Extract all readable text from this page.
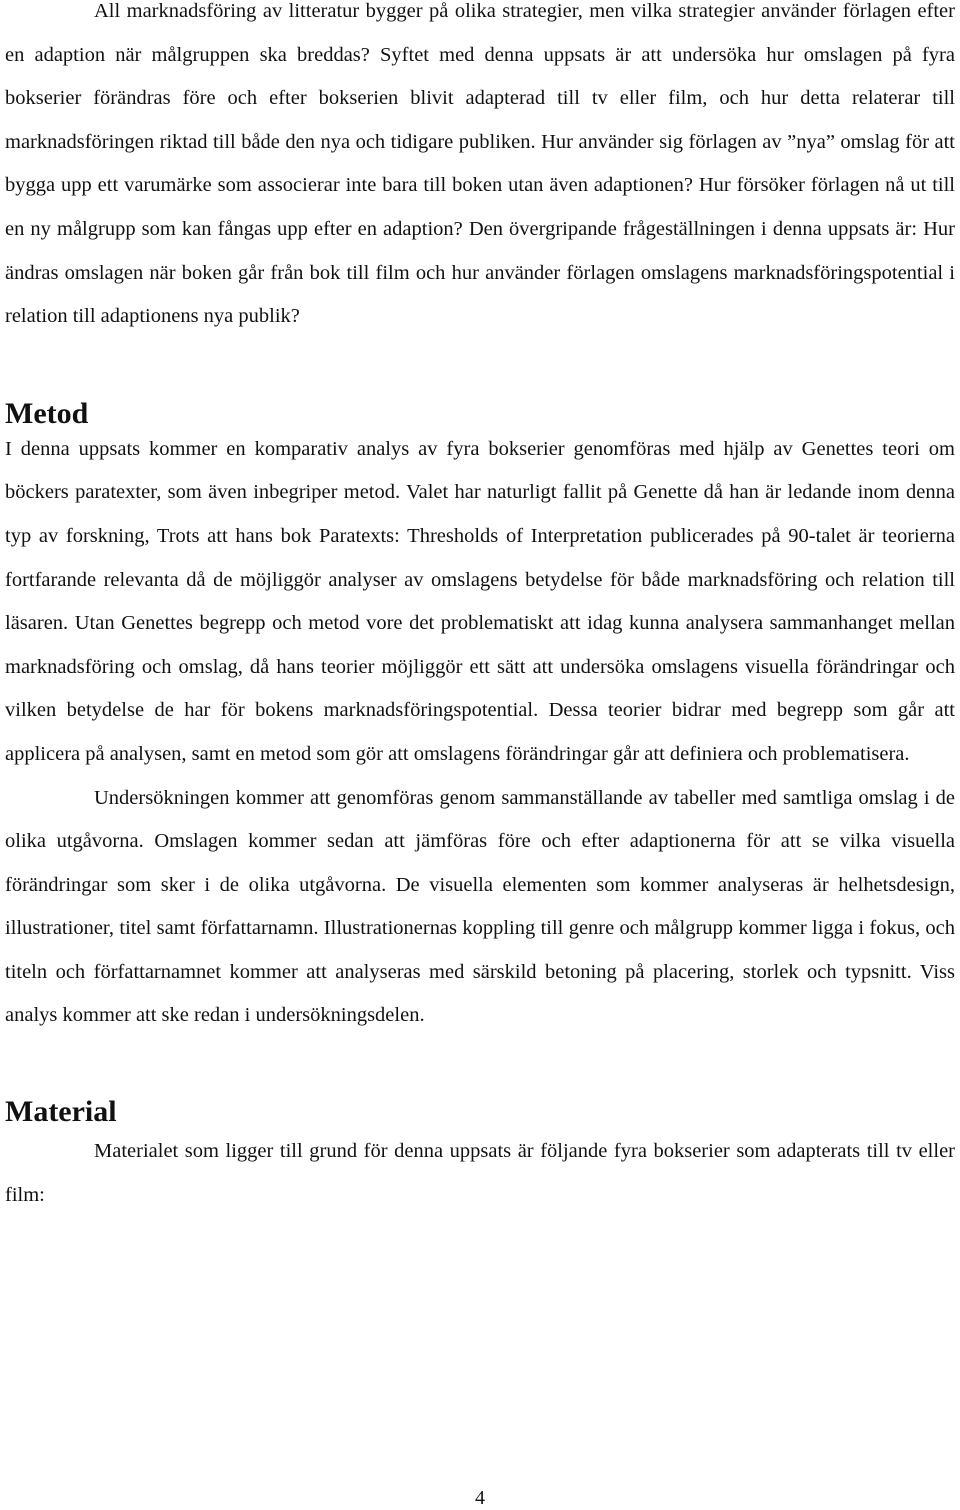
All marknadsföring av litteratur bygger på olika strategier, men vilka strategier använder förlagen efter en adaption när målgruppen ska breddas? Syftet med denna uppsats är att undersöka hur omslagen på fyra bokserier förändras före och efter bokserien blivit adapterad till tv eller film, och hur detta relaterar till marknadsföringen riktad till både den nya och tidigare publiken. Hur använder sig förlagen av ”nya” omslag för att bygga upp ett varumärke som associerar inte bara till boken utan även adaptionen? Hur försöker förlagen nå ut till en ny målgrupp som kan fångas upp efter en adaption? Den övergripande frågeställningen i denna uppsats är: Hur ändras omslagen när boken går från bok till film och hur använder förlagen omslagens marknadsföringspotential i relation till adaptionens nya publik?

Metod

I denna uppsats kommer en komparativ analys av fyra bokserier genomföras med hjälp av Genettes teori om böckers paratexter, som även inbegriper metod. Valet har naturligt fallit på Genette då han är ledande inom denna typ av forskning, Trots att hans bok Paratexts: Thresholds of Interpretation publicerades på 90-talet är teorierna fortfarande relevanta då de möjliggör analyser av omslagens betydelse för både marknadsföring och relation till läsaren. Utan Genettes begrepp och metod vore det problematiskt att idag kunna analysera sammanhanget mellan marknadsföring och omslag, då hans teorier möjliggör ett sätt att undersöka omslagens visuella förändringar och vilken betydelse de har för bokens marknadsföringspotential. Dessa teorier bidrar med begrepp som går att applicera på analysen, samt en metod som gör att omslagens förändringar går att definiera och problematisera.

Undersökningen kommer att genomföras genom sammanställande av tabeller med samtliga omslag i de olika utgåvorna. Omslagen kommer sedan att jämföras före och efter adaptionerna för att se vilka visuella förändringar som sker i de olika utgåvorna. De visuella elementen som kommer analyseras är helhetsdesign, illustrationer, titel samt författarnamn. Illustrationernas koppling till genre och målgrupp kommer ligga i fokus, och titeln och författarnamnet kommer att analyseras med särskild betoning på placering, storlek och typsnitt. Viss analys kommer att ske redan i undersökningsdelen.

Material

Materialet som ligger till grund för denna uppsats är följande fyra bokserier som adapterats till tv eller film:

4
